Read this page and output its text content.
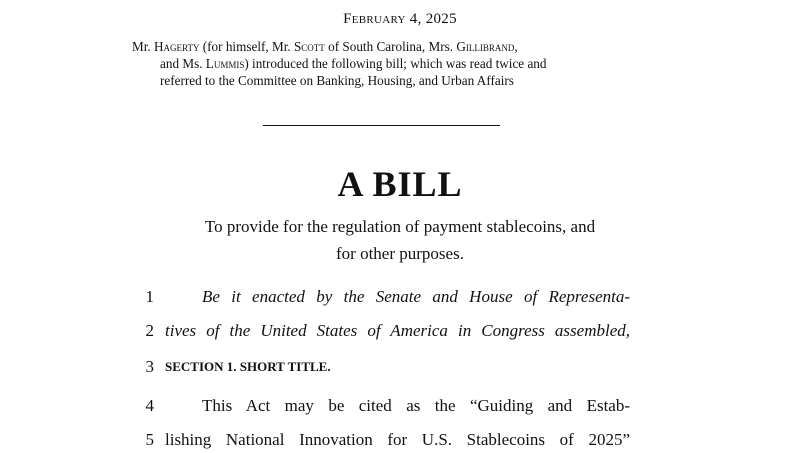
February 4, 2025
Mr. Hagerty (for himself, Mr. Scott of South Carolina, Mrs. Gillibrand,
and Ms. Lummis) introduced the following bill; which was read twice and
referred to the Committee on Banking, Housing, and Urban Affairs
A BILL
To provide for the regulation of payment stablecoins, and
for other purposes.
1	Be it enacted by the Senate and House of Representa-
2 tives of the United States of America in Congress assembled,
3 SECTION 1. SHORT TITLE.
4	This Act may be cited as the “Guiding and Estab-
5 lishing National Innovation for U.S. Stablecoins of 2025”
